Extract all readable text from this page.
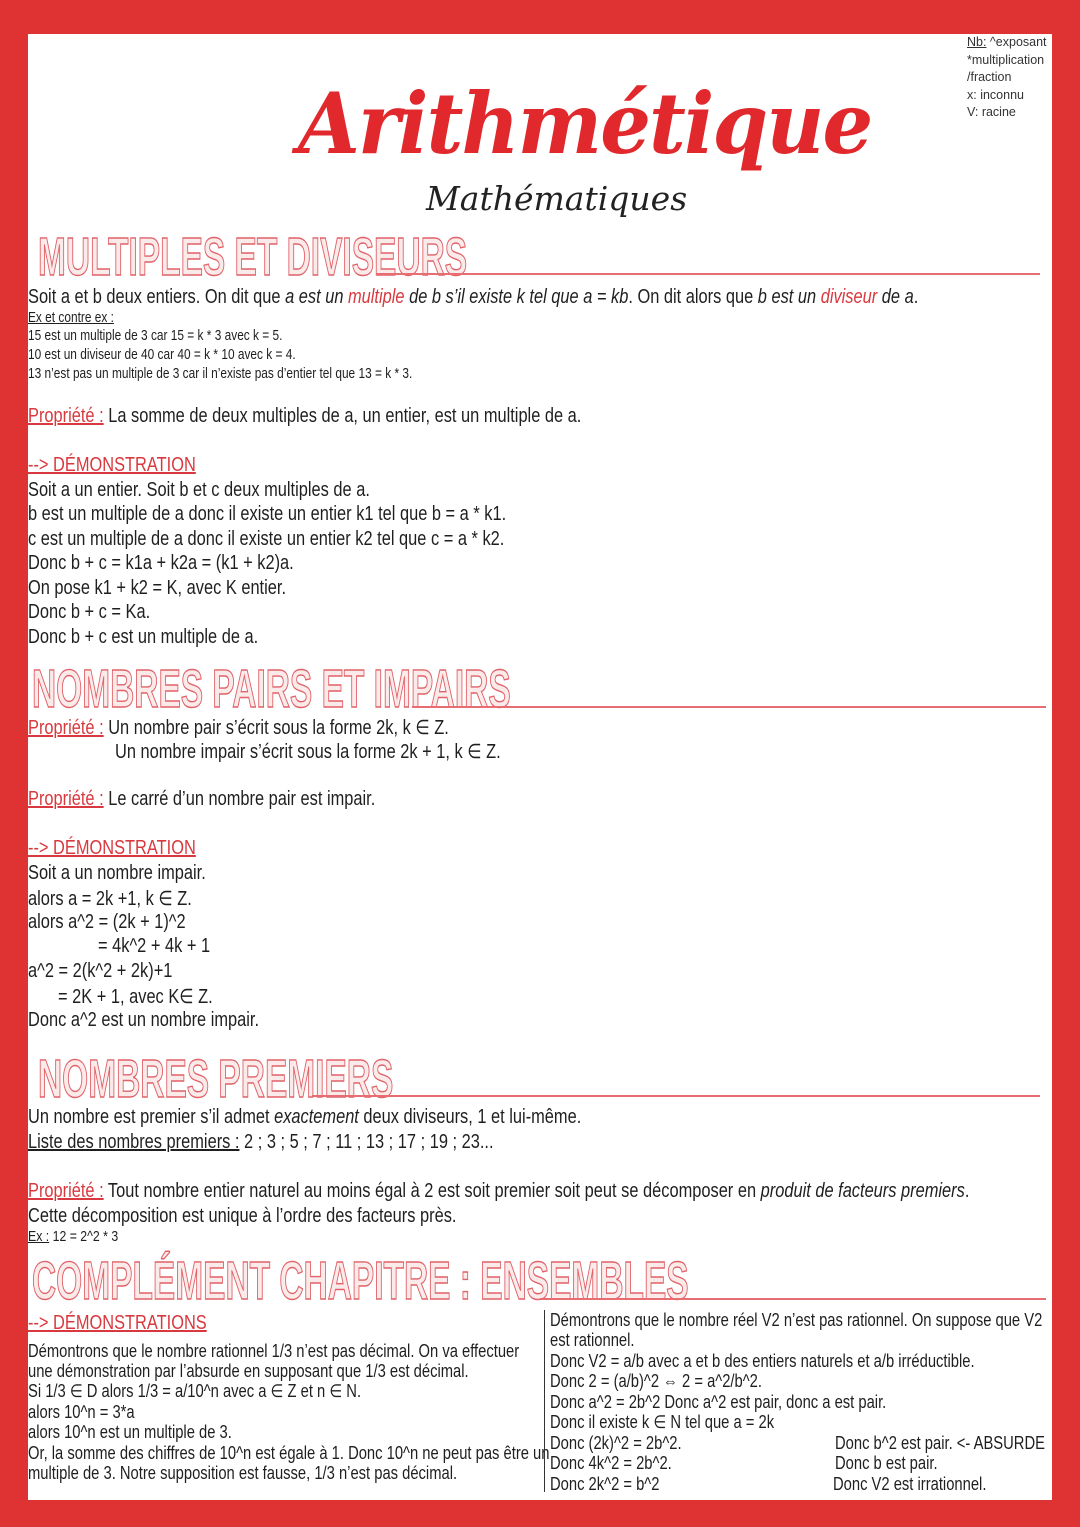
Nb: ^exposant
*multiplication
/fraction
x: inconnu
V: racine
Arithmétique
Mathématiques
MULTIPLES ET DIVISEURS
Soit a et b deux entiers. On dit que a est un multiple de b s’il existe k tel que a = kb. On dit alors que b est un diviseur de a.
Ex et contre ex :
15 est un multiple de 3 car 15 = k * 3 avec k = 5.
10 est un diviseur de 40 car 40 = k * 10 avec k = 4.
13 n’est pas un multiple de 3 car il n’existe pas d’entier tel que 13 = k * 3.
Propriété : La somme de deux multiples de a, un entier, est un multiple de a.
--> DÉMONSTRATION
Soit a un entier. Soit b et c deux multiples de a.
b est un multiple de a donc il existe un entier k1 tel que b = a * k1.
c est un multiple de a donc il existe un entier k2 tel que c = a * k2.
Donc b + c = k1a + k2a = (k1 + k2)a.
On pose k1 + k2 = K, avec K entier.
Donc b + c = Ka.
Donc b + c est un multiple de a.
NOMBRES PAIRS ET IMPAIRS
Propriété : Un nombre pair s’écrit sous la forme 2k, k ∈ Z.
Un nombre impair s’écrit sous la forme 2k + 1, k ∈ Z.
Propriété : Le carré d’un nombre pair est impair.
--> DÉMONSTRATION
Soit a un nombre impair.
alors a = 2k +1, k ∈ Z.
alors a^2 = (2k + 1)^2
= 4k^2 + 4k + 1
a^2 = 2(k^2 + 2k)+1
= 2K + 1, avec K∈ Z.
Donc a^2 est un nombre impair.
NOMBRES PREMIERS
Un nombre est premier s’il admet exactement deux diviseurs, 1 et lui-même.
Liste des nombres premiers : 2 ; 3 ; 5 ; 7 ; 11 ; 13 ; 17 ; 19 ; 23...
Propriété : Tout nombre entier naturel au moins égal à 2 est soit premier soit peut se décomposer en produit de facteurs premiers.
Cette décomposition est unique à l’ordre des facteurs près.
Ex : 12 = 2^2 * 3
COMPLÉMENT CHAPITRE : ENSEMBLES
--> DÉMONSTRATIONS
Démontrons que le nombre rationnel 1/3 n’est pas décimal. On va effectuer
une démonstration par l’absurde en supposant que 1/3 est décimal.
Si 1/3 ∈ D alors 1/3 = a/10^n avec a ∈ Z et n ∈ N.
alors 10^n = 3*a
alors 10^n est un multiple de 3.
Or, la somme des chiffres de 10^n est égale à 1. Donc 10^n ne peut pas être un
multiple de 3. Notre supposition est fausse, 1/3 n’est pas décimal.
Démontrons que le nombre réel V2 n’est pas rationnel. On suppose que V2
est rationnel.
Donc V2 = a/b avec a et b des entiers naturels et a/b irréductible.
Donc 2 = (a/b)^2 ⇔ 2 = a^2/b^2.
Donc a^2 = 2b^2 Donc a^2 est pair, donc a est pair.
Donc il existe k ∈ N tel que a = 2k
Donc (2k)^2 = 2b^2.
Donc 4k^2 = 2b^2.
Donc 2k^2 = b^2
Donc b^2 est pair. <- ABSURDE
Donc b est pair.
Donc V2 est irrationnel.
